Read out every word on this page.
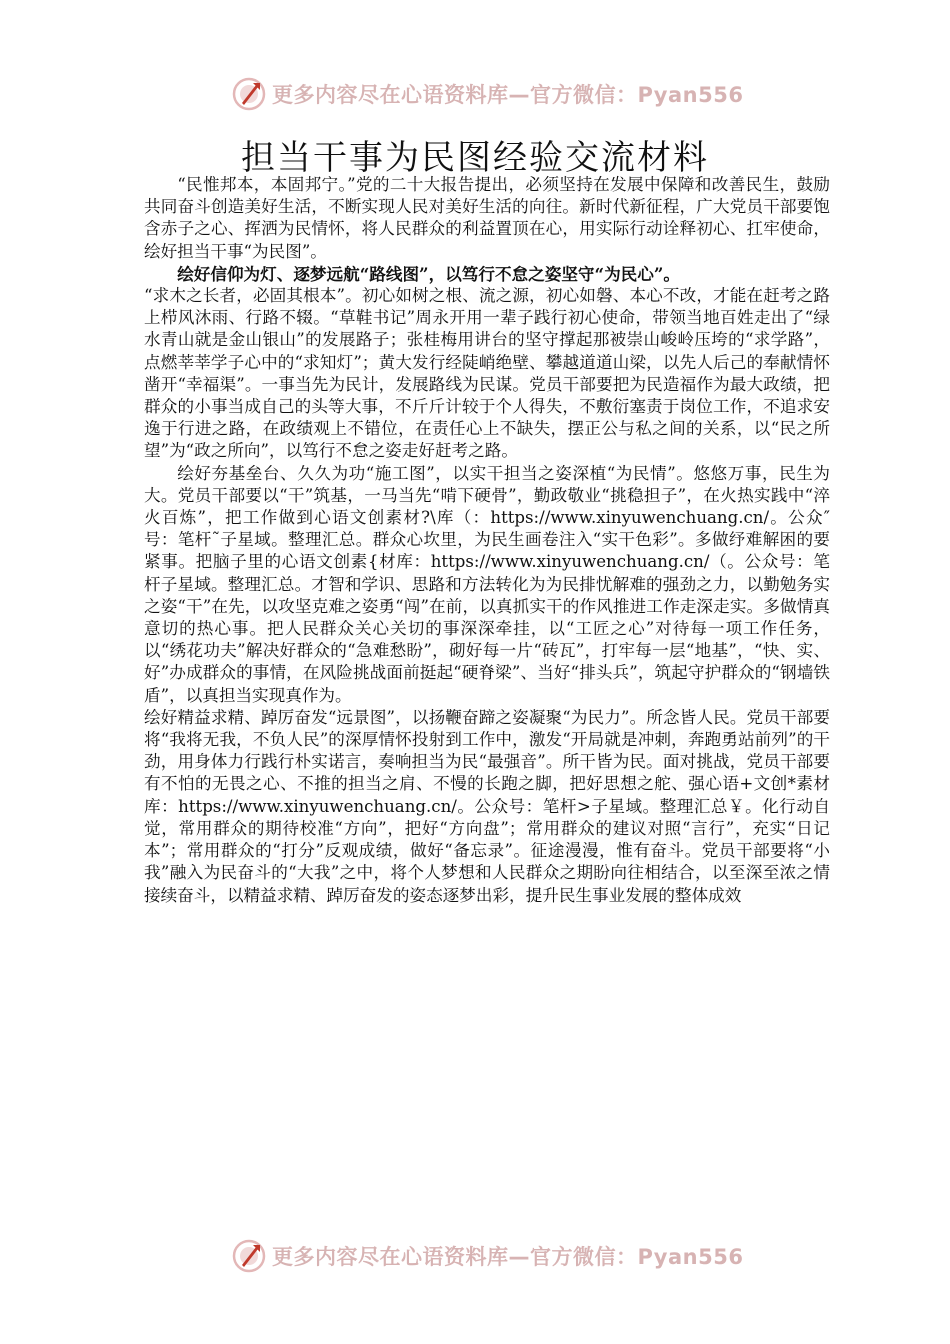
更多内容尽在心语资料库—官方微信：Pyan556
担当干事为民图经验交流材料

“民惟邦本，本固邦宁。”党的二十大报告提出，必须坚持在发展中保障和改善民生，鼓励共同奋斗创造美好生活，不断实现人民对美好生活的向往。新时代新征程，广大党员干部要饱含赤子之心、挥洒为民情怀，将人民群众的利益置顶在心，用实际行动诠释初心、扛牢使命，绘好担当干事“为民图”。

绘好信仰为灯、逐梦远航“路线图”，以笃行不怠之姿坚守“为民心”。

“求木之长者，必固其根本”。初心如树之根、流之源，初心如磐、本心不改，才能在赶考之路上栉风沐雨、行路不辍。“草鞋书记”周永开用一辈子践行初心使命，带领当地百姓走出了“绿水青山就是金山银山”的发展路子；张桂梅用讲台的坚守撑起那被崇山峻岭压垮的“求学路”，点燃莘莘学子心中的“求知灯”；黄大发行经陡峭绝壁、攀越道道山梁，以先人后己的奉献情怀凿开“幸福渠”。一事当先为民计，发展路线为民谋。党员干部要把为民造福作为最大政绩，把群众的小事当成自己的头等大事，不斤斤计较于个人得失，不敷衍塞责于岗位工作，不追求安逸于行进之路，在政绩观上不错位，在责任心上不缺失，摆正公与私之间的关系，以“民之所望”为“政之所向”，以笃行不怠之姿走好赶考之路。

绘好夯基垒台、久久为功“施工图”，以实干担当之姿深植“为民情”。悠悠万事，民生为大。党员干部要以“干”筑基，一马当先“啃下硬骨”，勤政敬业“挑稳担子”，在火热实践中“淬火百炼”，把工作做到心语文创素材?\库（：https://www.xinyuwenchuang.cn/。公众″号：笔杆˜子星域。整理汇总。群众心坎里，为民生画卷注入“实干色彩”。多做纾难解困的要紧事。把脑子里的心语文创素{材库：https://www.xinyuwenchuang.cn/（。公众号：笔杆子星域。整理汇总。才智和学识、思路和方法转化为为民排忧解难的强劲之力，以勤勉务实之姿“干”在先，以攻坚克难之姿勇“闯”在前，以真抓实干的作风推进工作走深走实。多做情真意切的热心事。把人民群众关心关切的事深深牵挂，以“工匠之心”对待每一项工作任务，以“绣花功夫”解决好群众的“急难愁盼”，砌好每一片“砖瓦”，打牢每一层“地基”，“快、实、好”办成群众的事情，在风险挑战面前挺起“硬脊梁”、当好“排头兵”，筑起守护群众的“钢墙铁盾”，以真担当实现真作为。

绘好精益求精、踔厉奋发“远景图”，以扬鞭奋蹄之姿凝聚“为民力”。所念皆人民。党员干部要将“我将无我，不负人民”的深厚情怀投射到工作中，激发“开局就是冲刺，奔跑勇站前列”的干劲，用身体力行践行朴实诺言，奏响担当为民“最强音”。所干皆为民。面对挑战，党员干部要有不怕的无畏之心、不推的担当之肩、不慢的长跑之脚，把好思想之舵、强心语+文创*素材库：https://www.xinyuwenchuang.cn/。公众号：笔杆>子星域。整理汇总￥。化行动自觉，常用群众的期待校准“方向”，把好“方向盘”；常用群众的建议对照“言行”，充实“日记本”；常用群众的“打分”反观成绩，做好“备忘录”。征途漫漫，惟有奋斗。党员干部要将“小我”融入为民奋斗的“大我”之中，将个人梦想和人民群众之期盼向往相结合，以至深至浓之情接续奋斗，以精益求精、踔厉奋发的姿态逐梦出彩，提升民生事业发展的整体成效

更多内容尽在心语资料库—官方微信：Pyan556
